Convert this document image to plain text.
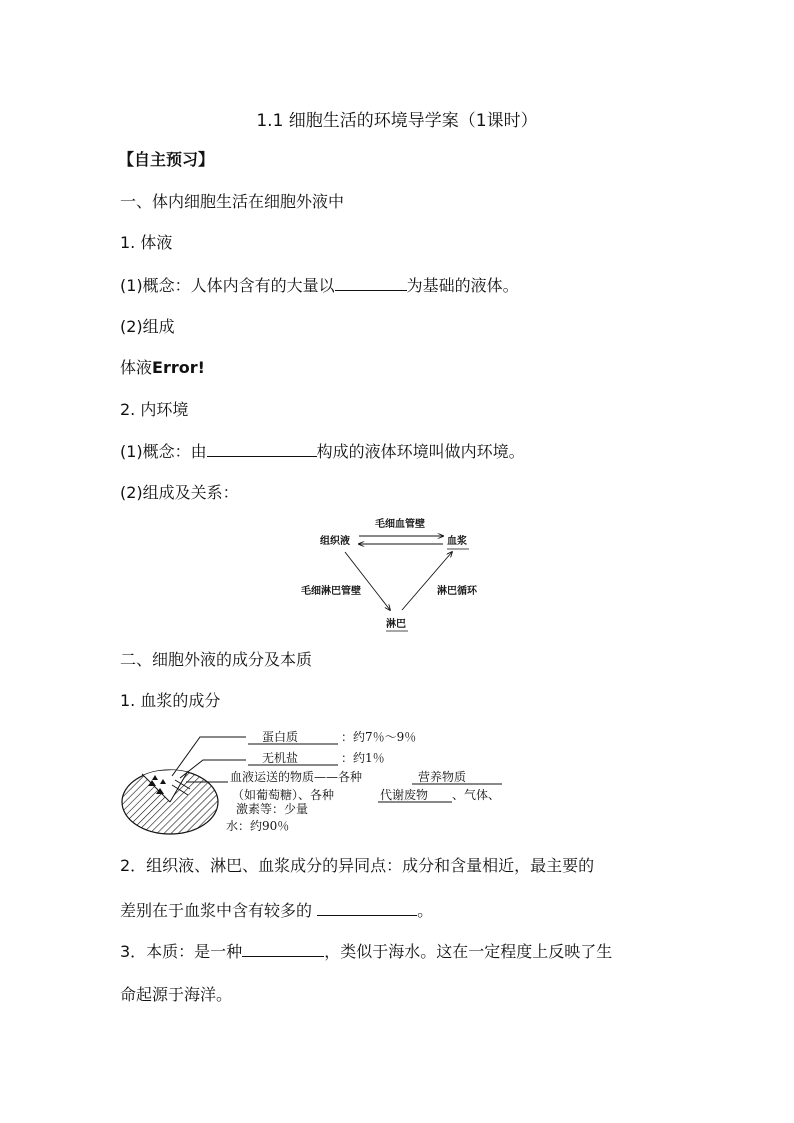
1.1 细胞生活的环境导学案（1课时）
【自主预习】
一、体内细胞生活在细胞外液中
1. 体液
(1)概念：人体内含有的大量以	为基础的液体。
(2)组成
体液Error!
2. 内环境
(1)概念：由	构成的液体环境叫做内环境。
(2)组成及关系：
毛细血管壁
组织液	血浆
毛细淋巴管壁	淋巴循环
淋巴
二、细胞外液的成分及本质
1. 血浆的成分
蛋白质	：约7％～9％
无机盐	：约1％
血液运送的物质——各种	营养物质
（如葡萄糖）、各种	代谢废物 、气体、
激素等：少量
水：约90％
2．组织液、淋巴、血浆成分的异同点：成分和含量相近，最主要的
差别在于血浆中含有较多的	。
3．本质：是一种	，类似于海水。这在一定程度上反映了生
命起源于海洋。
